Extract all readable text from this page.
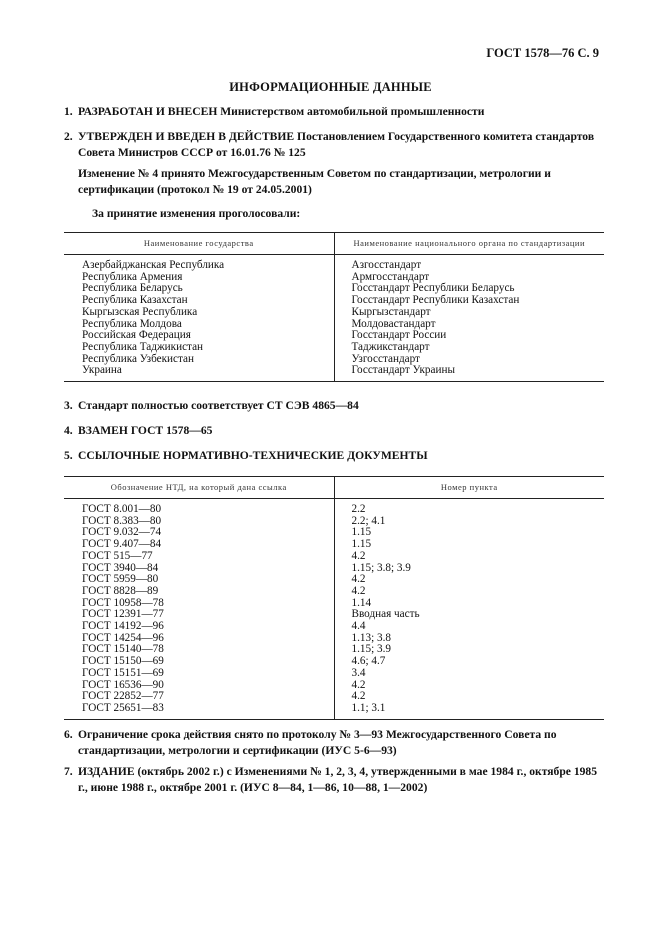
ГОСТ 1578—76 С. 9
ИНФОРМАЦИОННЫЕ ДАННЫЕ
1. РАЗРАБОТАН И ВНЕСЕН Министерством автомобильной промышленности
2. УТВЕРЖДЕН И ВВЕДЕН В ДЕЙСТВИЕ Постановлением Государственного комитета стандартов Совета Министров СССР от 16.01.76 № 125
Изменение № 4 принято Межгосударственным Советом по стандартизации, метрологии и сертификации (протокол № 19 от 24.05.2001)
За принятие изменения проголосовали:
Наименование государства	Наименование национального органа по стандартизации
Азербайджанская Республика	Азгосстандарт
Республика Армения	Армгосстандарт
Республика Беларусь	Госстандарт Республики Беларусь
Республика Казахстан	Госстандарт Республики Казахстан
Кыргызская Республика	Кыргызстандарт
Республика Молдова	Молдовастандарт
Российская Федерация	Госстандарт России
Республика Таджикистан	Таджикстандарт
Республика Узбекистан	Узгосстандарт
Украина	Госстандарт Украины
3. Стандарт полностью соответствует СТ СЭВ 4865—84
4. ВЗАМЕН ГОСТ 1578—65
5. ССЫЛОЧНЫЕ НОРМАТИВНО-ТЕХНИЧЕСКИЕ ДОКУМЕНТЫ
Обозначение НТД, на который дана ссылка	Номер пункта
ГОСТ 8.001—80	2.2
ГОСТ 8.383—80	2.2; 4.1
ГОСТ 9.032—74	1.15
ГОСТ 9.407—84	1.15
ГОСТ 515—77	4.2
ГОСТ 3940—84	1.15; 3.8; 3.9
ГОСТ 5959—80	4.2
ГОСТ 8828—89	4.2
ГОСТ 10958—78	1.14
ГОСТ 12391—77	Вводная часть
ГОСТ 14192—96	4.4
ГОСТ 14254—96	1.13; 3.8
ГОСТ 15140—78	1.15; 3.9
ГОСТ 15150—69	4.6; 4.7
ГОСТ 15151—69	3.4
ГОСТ 16536—90	4.2
ГОСТ 22852—77	4.2
ГОСТ 25651—83	1.1; 3.1
6. Ограничение срока действия снято по протоколу № 3—93 Межгосударственного Совета по стандартизации, метрологии и сертификации (ИУС 5-6—93)
7. ИЗДАНИЕ (октябрь 2002 г.) с Изменениями № 1, 2, 3, 4, утвержденными в мае 1984 г., октябре 1985 г., июне 1988 г., октябре 2001 г. (ИУС 8—84, 1—86, 10—88, 1—2002)
